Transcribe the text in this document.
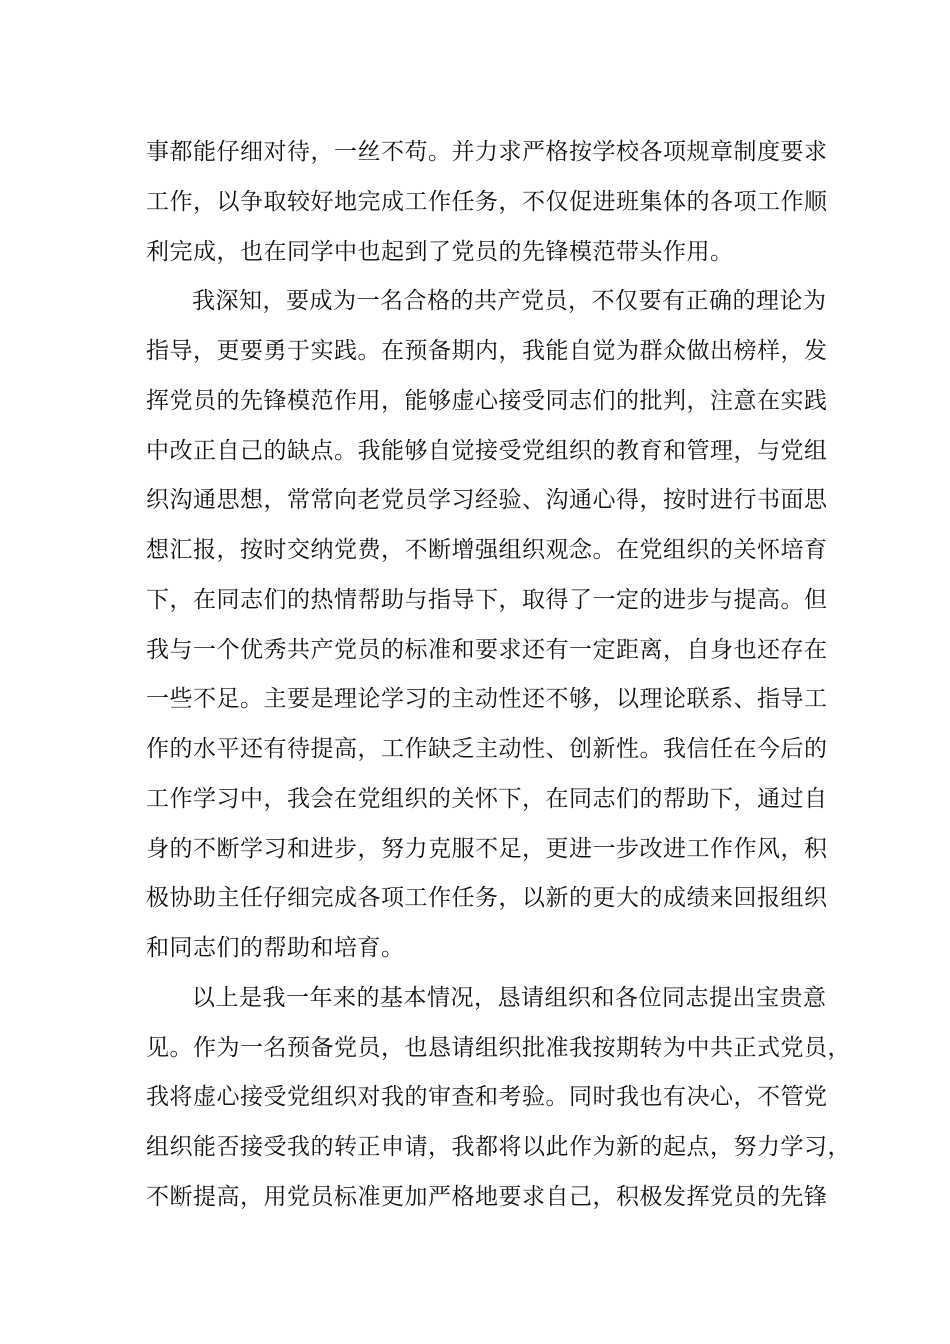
事都能仔细对待，一丝不苟。并力求严格按学校各项规章制度要求
工作，以争取较好地完成工作任务，不仅促进班集体的各项工作顺
利完成，也在同学中也起到了党员的先锋模范带头作用。
我深知，要成为一名合格的共产党员，不仅要有正确的理论为
指导，更要勇于实践。在预备期内，我能自觉为群众做出榜样，发
挥党员的先锋模范作用，能够虚心接受同志们的批判，注意在实践
中改正自己的缺点。我能够自觉接受党组织的教育和管理，与党组
织沟通思想，常常向老党员学习经验、沟通心得，按时进行书面思
想汇报，按时交纳党费，不断增强组织观念。在党组织的关怀培育
下，在同志们的热情帮助与指导下，取得了一定的进步与提高。但
我与一个优秀共产党员的标准和要求还有一定距离，自身也还存在
一些不足。主要是理论学习的主动性还不够，以理论联系、指导工
作的水平还有待提高，工作缺乏主动性、创新性。我信任在今后的
工作学习中，我会在党组织的关怀下，在同志们的帮助下，通过自
身的不断学习和进步，努力克服不足，更进一步改进工作作风，积
极协助主任仔细完成各项工作任务，以新的更大的成绩来回报组织
和同志们的帮助和培育。
以上是我一年来的基本情况，恳请组织和各位同志提出宝贵意
见。作为一名预备党员，也恳请组织批准我按期转为中共正式党员，
我将虚心接受党组织对我的审查和考验。同时我也有决心，不管党
组织能否接受我的转正申请，我都将以此作为新的起点，努力学习，
不断提高，用党员标准更加严格地要求自己，积极发挥党员的先锋
